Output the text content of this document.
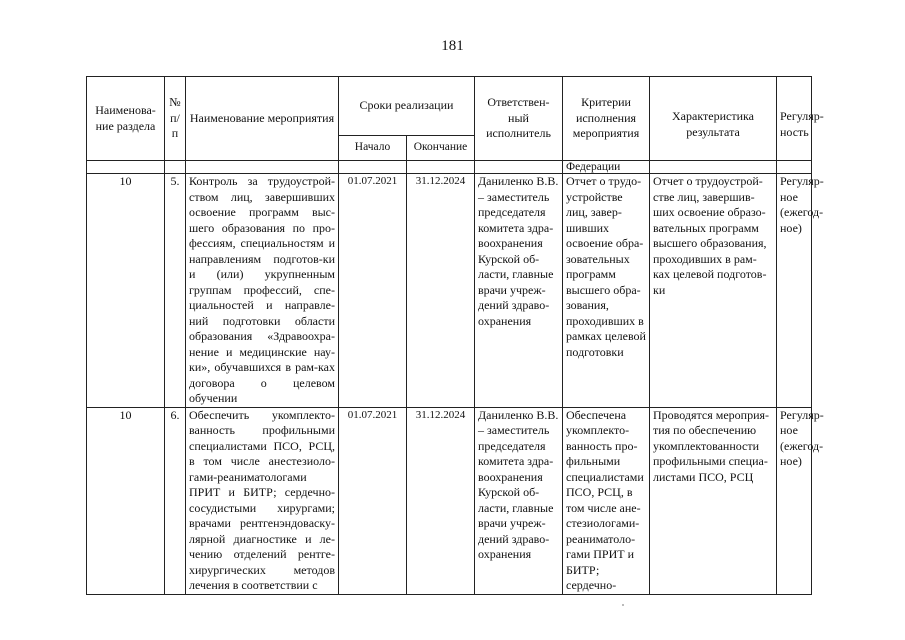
181
Наименова-ние раздела	№ п/п	Наименование мероприятия	Сроки реализации		Ответствен-ный исполнитель	Критерии исполнения мероприятия	Характеристика результата	Регуляр-ность
			Начало	Окончание				
						Федерации		
10	5.	Контроль за трудоустрой-ством лиц, завершивших освоение программ выс-шего образования по про-фессиям, специальностям и направлениям подготов-ки и (или) укрупненным группам профессий, спе-циальностей и направле-ний подготовки области образования «Здравоохра-нение и медицинские нау-ки», обучавшихся в рам-ках договора о целевом обучении	01.07.2021	31.12.2024	Даниленко В.В. – заместитель председателя комитета здра-воохранения Курской об-ласти, главные врачи учреж-дений здраво-охранения	Отчет о трудо-устройстве лиц, завер-шивших освоение обра-зовательных программ высшего обра-зования, проходивших в рамках целевой подготовки	Отчет о трудоустрой-стве лиц, завершив-ших освоение образо-вательных программ высшего образования, проходивших в рам-ках целевой подготов-ки	Регуляр-ное (ежегод-ное)
10	6.	Обеспечить укомплекто-ванность профильными специалистами ПСО, РСЦ, в том числе анестезиоло-гами-реаниматологами ПРИТ и БИТР; сердечно-сосудистыми хирургами; врачами рентгенэндоваску-лярной диагностике и ле-чению отделений рентге-хирургических методов лечения в соответствии с	01.07.2021	31.12.2024	Даниленко В.В. – заместитель председателя комитета здра-воохранения Курской об-ласти, главные врачи учреж-дений здраво-охранения	Обеспечена укомплекто-ванность про-фильными специалистами ПСО, РСЦ, в том числе ане-стезиологами-реаниматоло-гами ПРИТ и БИТР; сердечно-	Проводятся мероприя-тия по обеспечению укомплектованности профильными специа-листами ПСО, РСЦ	Регуляр-ное (ежегод-ное)
